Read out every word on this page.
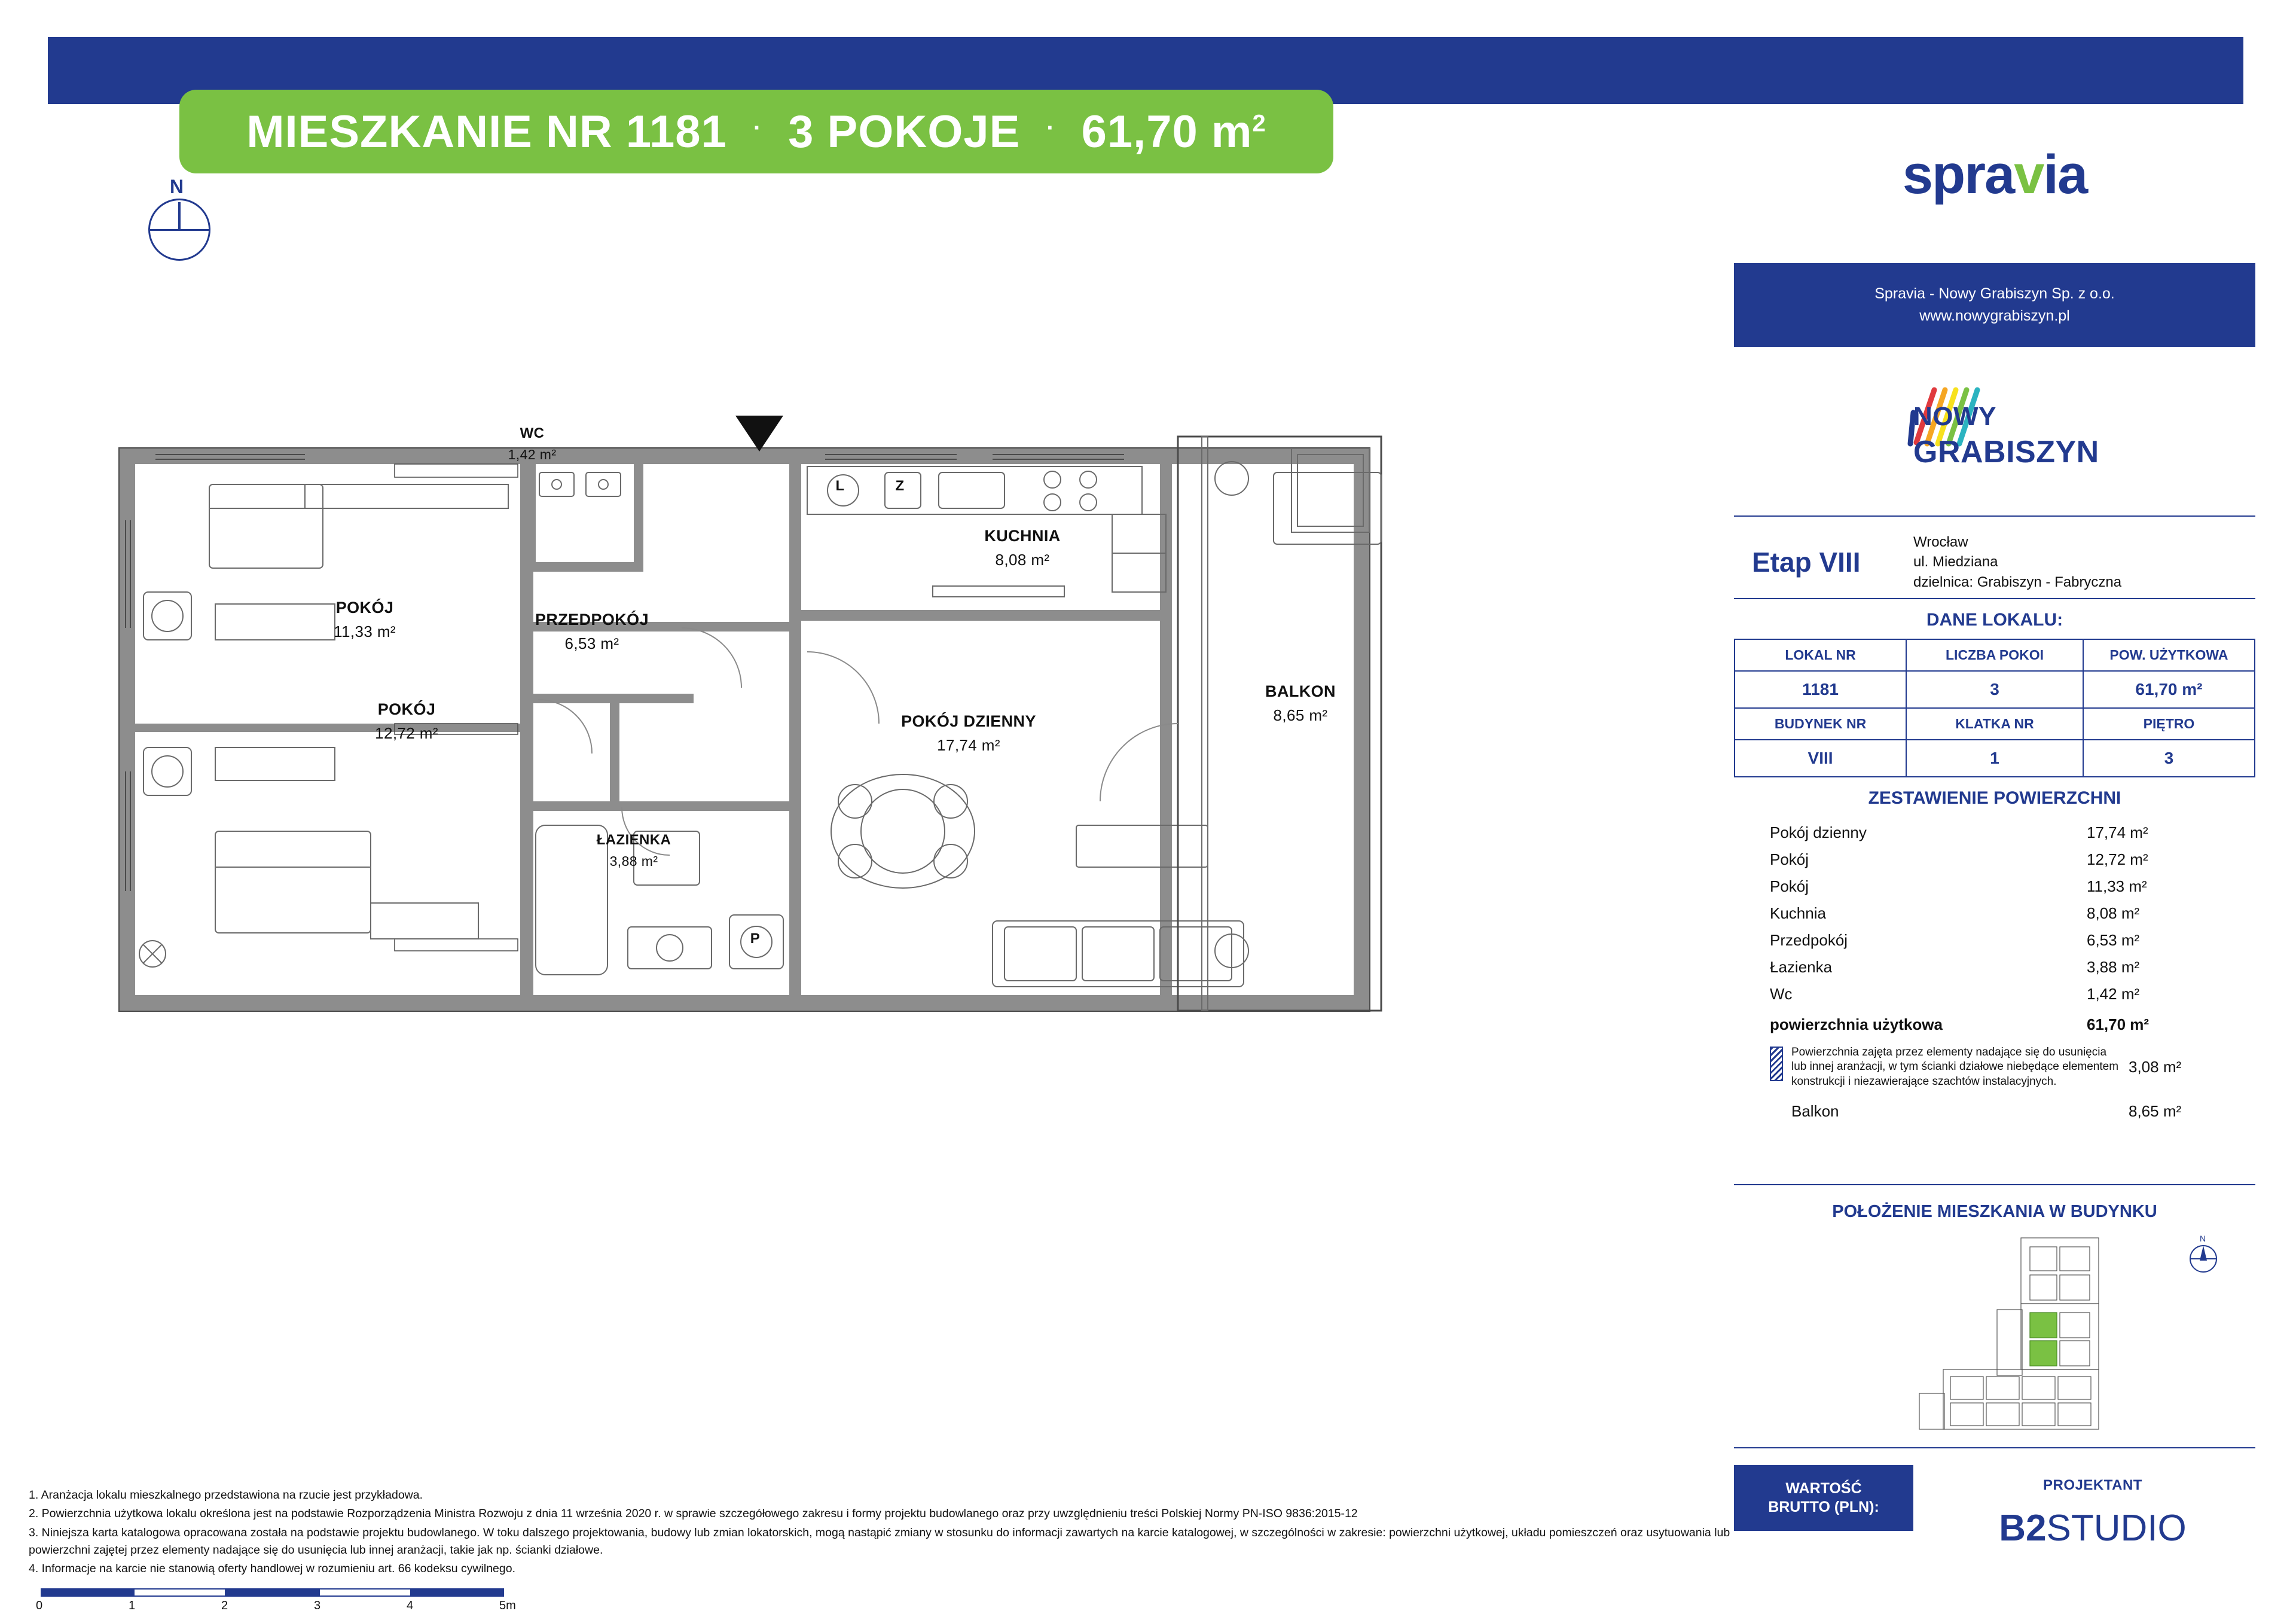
MIESZKANIE NR 1181 · 3 POKOJE · 61,70 $m^2$
N
WC
1,42 m²
POKÓJ
11,33 m²
POKÓJ
12,72 m²
PRZEDPOKÓJ
6,53 m²
KUCHNIA
8,08 m²
ŁAZIENKA
3,88 m²
POKÓJ DZIENNY
17,74 m²
BALKON
8,65 m²
L	Z
P
1. Aranżacja lokalu mieszkalnego przedstawiona na rzucie jest przykładowa.
2. Powierzchnia użytkowa lokalu określona jest na podstawie Rozporządzenia Ministra Rozwoju z dnia 11 września 2020 r. w sprawie szczegółowego zakresu i formy projektu budowlanego oraz przy uwzględnieniu treści Polskiej Normy PN-ISO 9836:2015-12
3. Niniejsza karta katalogowa opracowana została na podstawie projektu budowlanego. W toku dalszego projektowania, budowy lub zmian lokatorskich, mogą nastąpić zmiany w stosunku do informacji zawartych na karcie katalogowej, w szczególności w zakresie: powierzchni użytkowej, układu pomieszczeń oraz usytuowania lub powierzchni zajętej przez elementy nadające się do usunięcia lub innej aranżacji, takie jak np. ścianki działowe.
4. Informacje na karcie nie stanowią oferty handlowej w rozumieniu art. 66 kodeksu cywilnego.
0	1	2	3	4	5m
spravia
Spravia - Nowy Grabiszyn Sp. z o.o.
www.nowygrabiszyn.pl
NOWY
GRABISZYN
Etap VIII
Wrocław
ul. Miedziana
dzielnica: Grabiszyn - Fabryczna
DANE LOKALU:
LOKAL NR	LICZBA POKOI	POW. UŻYTKOWA
1181	3	61,70 m²
BUDYNEK NR	KLATKA NR	PIĘTRO
VIII	1	3
ZESTAWIENIE POWIERZCHNI
Pokój dzienny	17,74 m²
Pokój	12,72 m²
Pokój	11,33 m²
Kuchnia	8,08 m²
Przedpokój	6,53 m²
Łazienka	3,88 m²
Wc	1,42 m²
powierzchnia użytkowa	61,70 m²
Powierzchnia zajęta przez elementy nadające się do usunięcia lub innej aranżacji, w tym ścianki działowe niebędące elementem konstrukcji i niezawierające szachtów instalacyjnych.
3,08 m²
Balkon	8,65 m²
POŁOŻENIE MIESZKANIA W BUDYNKU
N
WARTOŚĆ
BRUTTO (PLN):
PROJEKTANT
B2STUDIO
